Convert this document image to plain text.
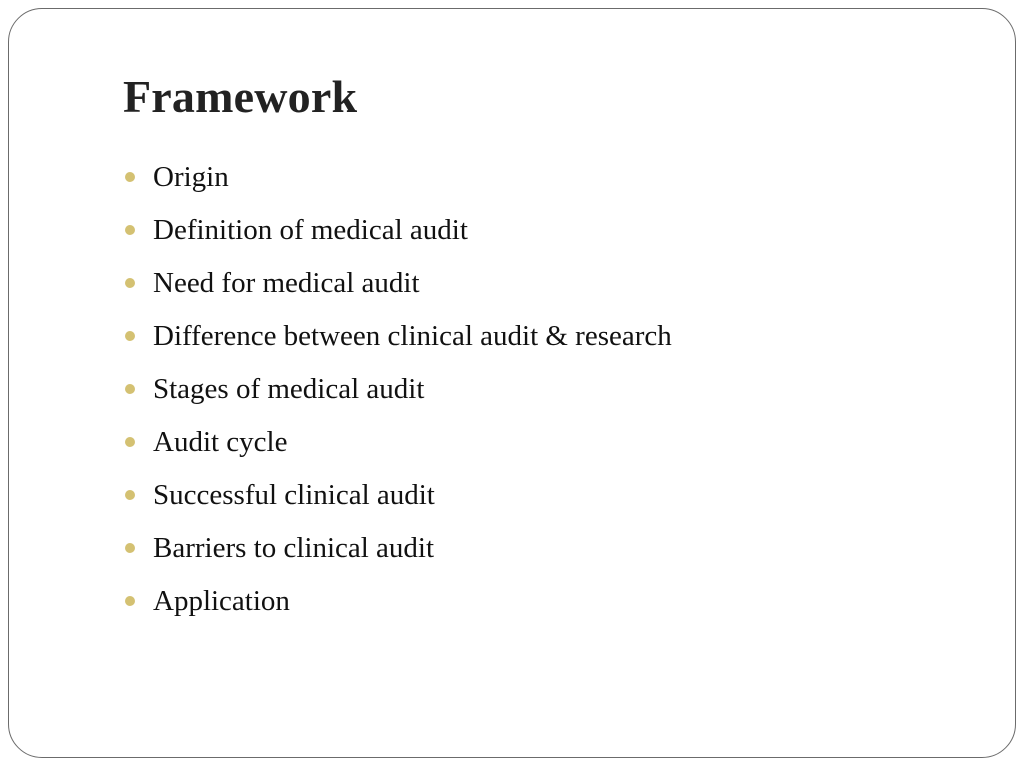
Framework
Origin
Definition of medical audit
Need for medical audit
Difference between clinical audit & research
Stages of medical audit
Audit cycle
Successful clinical audit
Barriers to clinical audit
Application
